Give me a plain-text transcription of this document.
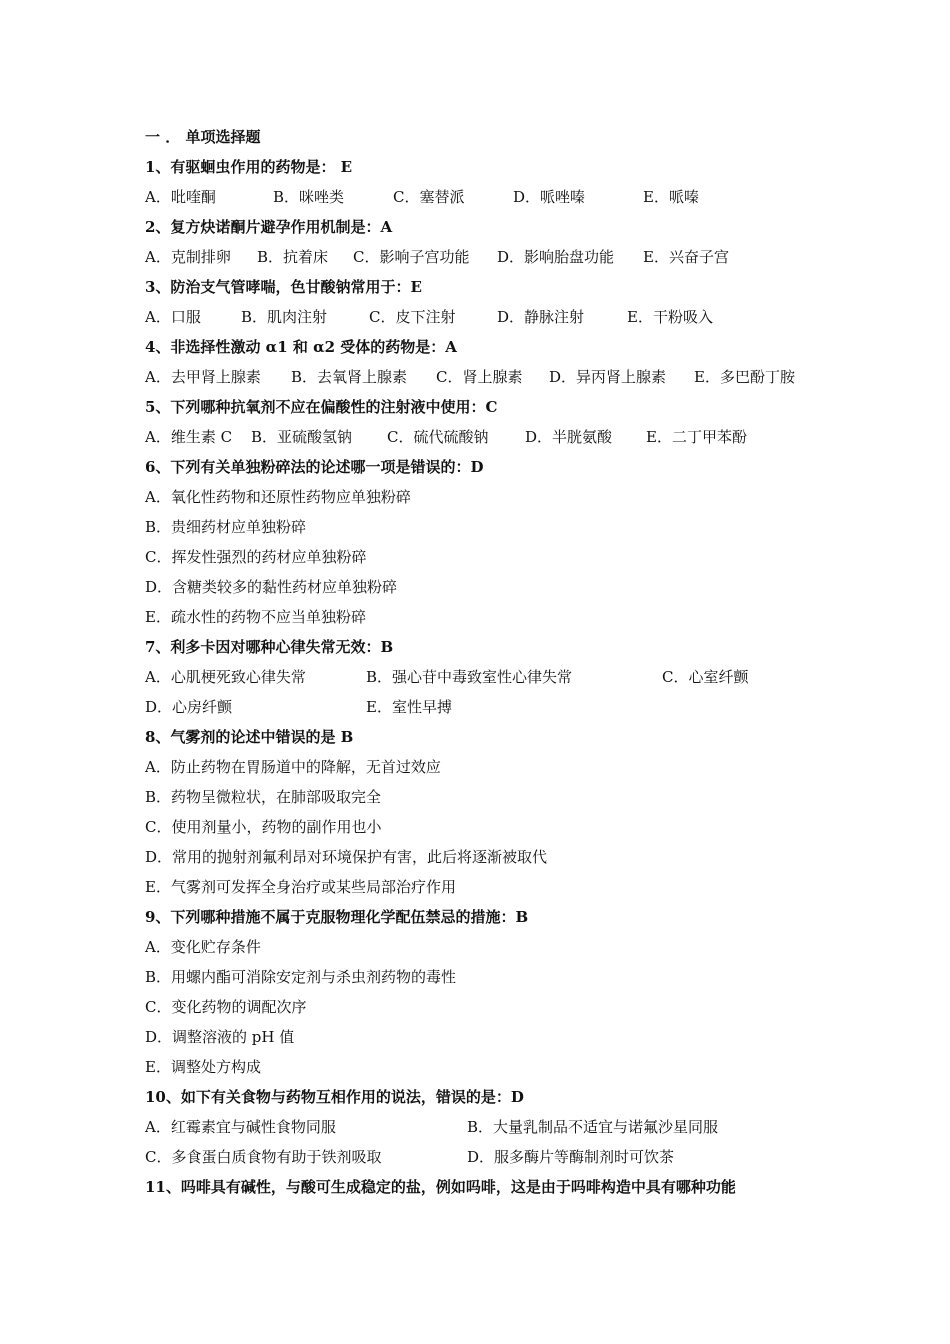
一 ． 单项选择题
1、有驱蛔虫作用的药物是： E
A．吡喹酮	B．咪唑类	C．塞替派	D．哌唑嗪	E．哌嗪
2、复方炔诺酮片避孕作用机制是：A
A．克制排卵 B．抗着床 C．影响子宫功能 D．影响胎盘功能 E．兴奋子宫
3、防治支气管哮喘，色甘酸钠常用于：E
A．口服	B．肌肉注射	C．皮下注射	D．静脉注射	E．干粉吸入
4、非选择性激动 α1 和 α2 受体的药物是：A
A．去甲肾上腺素 B．去氧肾上腺素 C．肾上腺素 D．异丙肾上腺素 E．多巴酚丁胺
5、下列哪种抗氧剂不应在偏酸性的注射液中使用：C
A．维生素 C B．亚硫酸氢钠 C．硫代硫酸钠 D．半胱氨酸 E．二丁甲苯酚
6、下列有关单独粉碎法的论述哪一项是错误的：D
A．氧化性药物和还原性药物应单独粉碎
B．贵细药材应单独粉碎
C．挥发性强烈的药材应单独粉碎
D．含糖类较多的黏性药材应单独粉碎
E．疏水性的药物不应当单独粉碎
7、利多卡因对哪种心律失常无效：B
A．心肌梗死致心律失常	B．强心苷中毒致室性心律失常	C．心室纤颤
D．心房纤颤	E．室性早搏
8、气雾剂的论述中错误的是 B
A．防止药物在胃肠道中的降解，无首过效应
B．药物呈微粒状，在肺部吸取完全
C．使用剂量小，药物的副作用也小
D．常用的抛射剂氟利昂对环境保护有害，此后将逐渐被取代
E．气雾剂可发挥全身治疗或某些局部治疗作用
9、下列哪种措施不属于克服物理化学配伍禁忌的措施：B
A．变化贮存条件
B．用螺内酯可消除安定剂与杀虫剂药物的毒性
C．变化药物的调配次序
D．调整溶液的 pH 值
E．调整处方构成
10、如下有关食物与药物互相作用的说法，错误的是：D
A．红霉素宜与碱性食物同服	B．大量乳制品不适宜与诺氟沙星同服
C．多食蛋白质食物有助于铁剂吸取	D．服多酶片等酶制剂时可饮茶
11、吗啡具有碱性，与酸可生成稳定的盐，例如吗啡，这是由于吗啡构造中具有哪种功能
